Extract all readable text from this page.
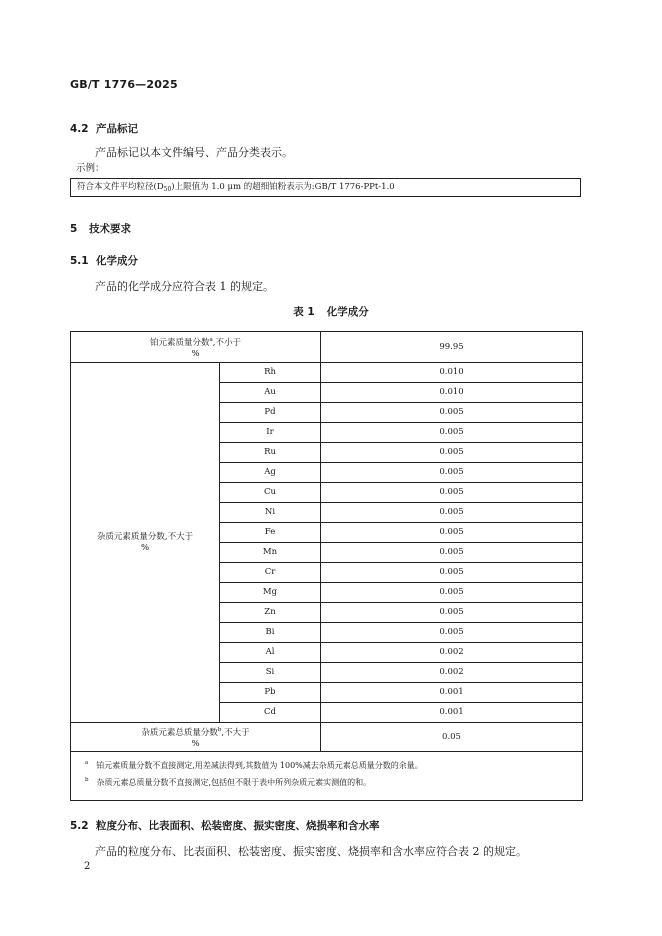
GB/T 1776—2025
4.2 产品标记
产品标记以本文件编号、产品分类表示。
示例：
符合本文件平均粒径$(D_{50})$上限值为 1.0 μm 的超细铂粉表示为:GB/T 1776-PPt-1.0
5 技术要求
5.1 化学成分
产品的化学成分应符合表 1 的规定。
表 1 化学成分
铂元素质量分数$^a$,不小于
%		99.95
杂质元素质量分数,不大于
%	Rh	0.010
	Au	0.010
	Pd	0.005
	Ir	0.005
	Ru	0.005
	Ag	0.005
	Cu	0.005
	Ni	0.005
	Fe	0.005
	Mn	0.005
	Cr	0.005
	Mg	0.005
	Zn	0.005
	Bi	0.005
	Al	0.002
	Si	0.002
	Pb	0.001
	Cd	0.001
杂质元素总质量分数$^b$,不大于
%		0.05

$^a$ 铂元素质量分数不直接测定,用差减法得到,其数值为 100%减去杂质元素总质量分数的余量。
$^b$ 杂质元素总质量分数不直接测定,包括但不限于表中所列杂质元素实测值的和。		
5.2 粒度分布、比表面积、松装密度、振实密度、烧损率和含水率
产品的粒度分布、比表面积、松装密度、振实密度、烧损率和含水率应符合表 2 的规定。
2
